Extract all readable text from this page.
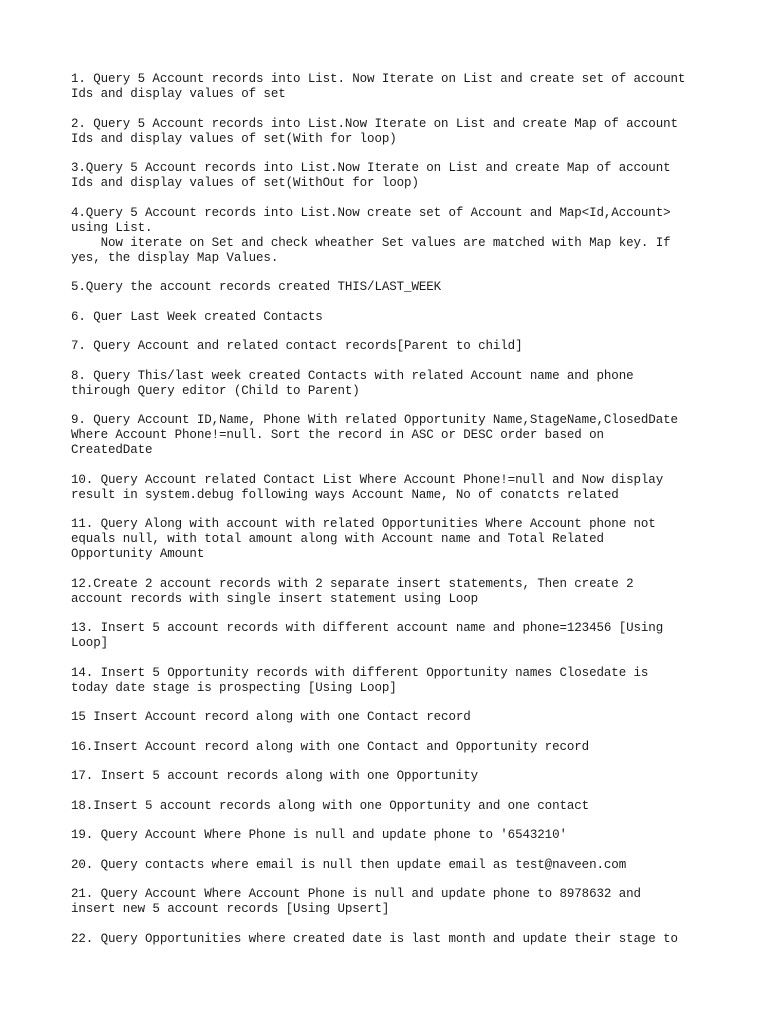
1. Query 5 Account records into List. Now Iterate on List and create set of account
Ids and display values of set
2. Query 5 Account records into List.Now Iterate on List and create Map of account
Ids and display values of set(With for loop)
3.Query 5 Account records into List.Now Iterate on List and create Map of account
Ids and display values of set(WithOut for loop)
4.Query 5 Account records into List.Now create set of Account and Map<Id,Account>
using List.
Now iterate on Set and check wheather Set values are matched with Map key. If
yes, the display Map Values.
5.Query the account records created THIS/LAST_WEEK
6. Quer Last Week created Contacts
7. Query Account and related contact records[Parent to child]
8. Query This/last week created Contacts with related Account name and phone
thirough Query editor (Child to Parent)
9. Query Account ID,Name, Phone With related Opportunity Name,StageName,ClosedDate
Where Account Phone!=null. Sort the record in ASC or DESC order based on
CreatedDate
10. Query Account related Contact List Where Account Phone!=null and Now display
result in system.debug following ways Account Name, No of conatcts related
11. Query Along with account with related Opportunities Where Account phone not
equals null, with total amount along with Account name and Total Related
Opportunity Amount
12.Create 2 account records with 2 separate insert statements, Then create 2
account records with single insert statement using Loop
13. Insert 5 account records with different account name and phone=123456 [Using
Loop]
14. Insert 5 Opportunity records with different Opportunity names Closedate is
today date stage is prospecting [Using Loop]
15 Insert Account record along with one Contact record
16.Insert Account record along with one Contact and Opportunity record
17. Insert 5 account records along with one Opportunity
18.Insert 5 account records along with one Opportunity and one contact
19. Query Account Where Phone is null and update phone to '6543210'
20. Query contacts where email is null then update email as test@naveen.com
21. Query Account Where Account Phone is null and update phone to 8978632 and
insert new 5 account records [Using Upsert]
22. Query Opportunities where created date is last month and update their stage to
